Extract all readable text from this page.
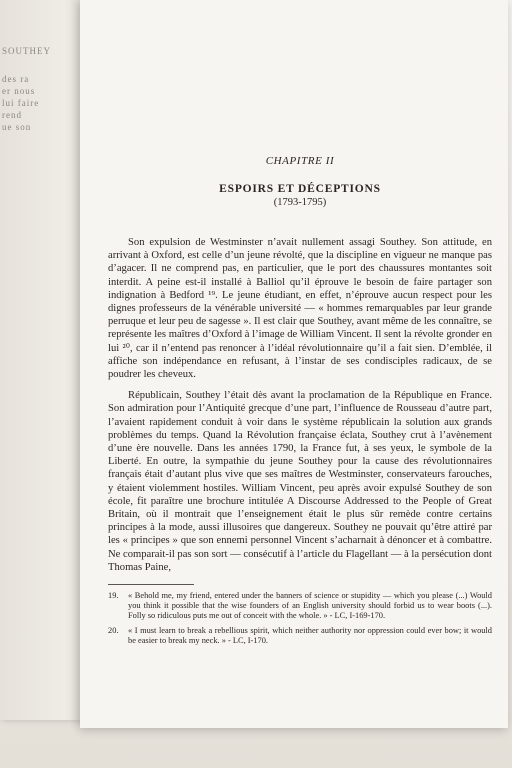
SOUTHEY
des ra
er nous
lui faire
rend
ue son

CHAPITRE II

ESPOIRS ET DÉCEPTIONS

(1793-1795)

Son expulsion de Westminster n’avait nullement assagi Southey. Son attitude, en arrivant à Oxford, est celle d’un jeune révolté, que la discipline en vigueur ne manque pas d’agacer. Il ne comprend pas, en particulier, que le port des chaussures montantes soit interdit. A peine est-il installé à Balliol qu’il éprouve le besoin de faire partager son indignation à Bedford ¹⁹. Le jeune étudiant, en effet, n’éprouve aucun respect pour les dignes professeurs de la vénérable université — « hommes remarquables par leur grande perruque et leur peu de sagesse ». Il est clair que Southey, avant même de les connaître, se représente les maîtres d’Oxford à l’image de William Vincent. Il sent la révolte gronder en lui ²⁰, car il n’entend pas renoncer à l’idéal révolutionnaire qu’il a fait sien. D’emblée, il affiche son indépendance en refusant, à l’instar de ses condisciples radicaux, de se poudrer les cheveux.

Républicain, Southey l’était dès avant la proclamation de la République en France. Son admiration pour l’Antiquité grecque d’une part, l’influence de Rousseau d’autre part, l’avaient rapidement conduit à voir dans le système républicain la solution aux grands problèmes du temps. Quand la Révolution française éclata, Southey crut à l’avènement d’une ère nouvelle. Dans les années 1790, la France fut, à ses yeux, le symbole de la Liberté. En outre, la sympathie du jeune Southey pour la cause des révolutionnaires français était d’autant plus vive que ses maîtres de Westminster, conservateurs farouches, y étaient violemment hostiles. William Vincent, peu après avoir expulsé Southey de son école, fit paraître une brochure intitulée A Discourse Addressed to the People of Great Britain, où il montrait que l’enseignement était le plus sûr remède contre certains principes à la mode, aussi illusoires que dangereux. Southey ne pouvait qu’être attiré par les « principes » que son ennemi personnel Vincent s’acharnait à dénoncer et à combattre. Ne comparait-il pas son sort — consécutif à l’article du Flagellant — à la persécution dont Thomas Paine,

19. « Behold me, my friend, entered under the banners of science or stupidity — which you please (...) Would you think it possible that the wise founders of an English university should forbid us to wear boots (...). Folly so ridiculous puts me out of conceit with the whole. » - LC, I-169-170.
20. « I must learn to break a rebellious spirit, which neither authority nor oppression could ever bow; it would be easier to break my neck. » - LC, I-170.
